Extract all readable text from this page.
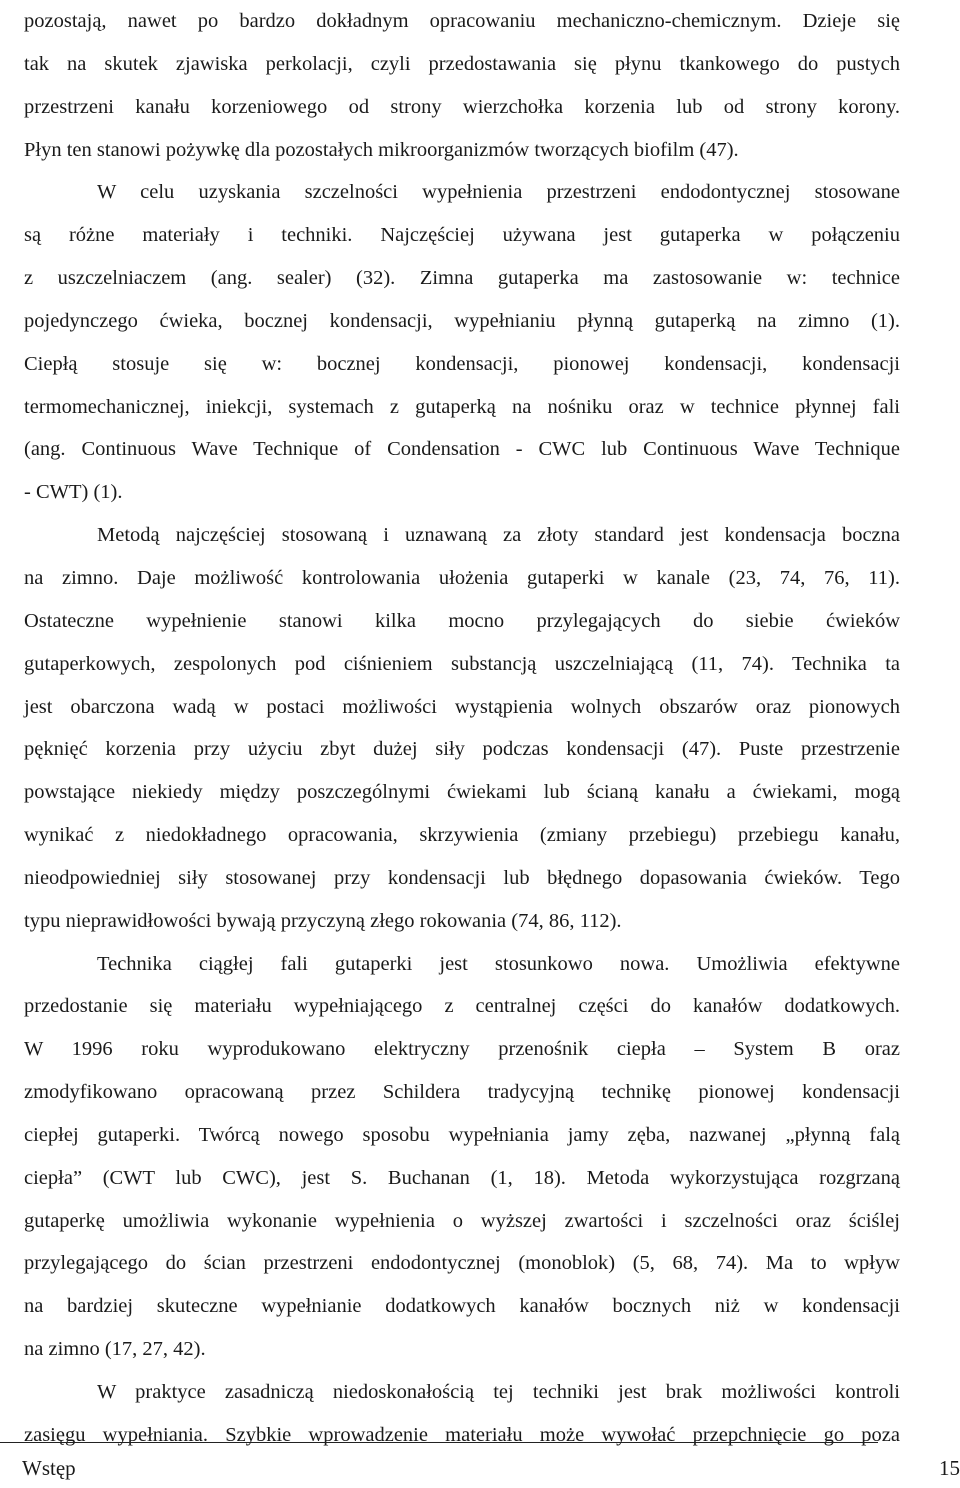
pozostają, nawet po bardzo dokładnym opracowaniu mechaniczno-chemicznym. Dzieje się
tak na skutek zjawiska perkolacji, czyli przedostawania się płynu tkankowego do pustych
przestrzeni kanału korzeniowego od strony wierzchołka korzenia lub od strony korony.
Płyn ten stanowi pożywkę dla pozostałych mikroorganizmów tworzących biofilm (47).
W celu uzyskania szczelności wypełnienia przestrzeni endodontycznej stosowane
są różne materiały i techniki. Najczęściej używana jest gutaperka w połączeniu
z uszczelniaczem (ang. sealer) (32). Zimna gutaperka ma zastosowanie w: technice
pojedynczego ćwieka, bocznej kondensacji, wypełnianiu płynną gutaperką na zimno (1).
Ciepłą stosuje się w: bocznej kondensacji, pionowej kondensacji, kondensacji
termomechanicznej, iniekcji, systemach z gutaperką na nośniku oraz w technice płynnej fali
(ang. Continuous Wave Technique of Condensation - CWC lub Continuous Wave Technique
- CWT) (1).
Metodą najczęściej stosowaną i uznawaną za złoty standard jest kondensacja boczna
na zimno. Daje możliwość kontrolowania ułożenia gutaperki w kanale (23, 74, 76, 11).
Ostateczne wypełnienie stanowi kilka mocno przylegających do siebie ćwieków
gutaperkowych, zespolonych pod ciśnieniem substancją uszczelniającą (11, 74). Technika ta
jest obarczona wadą w postaci możliwości wystąpienia wolnych obszarów oraz pionowych
pęknięć korzenia przy użyciu zbyt dużej siły podczas kondensacji (47). Puste przestrzenie
powstające niekiedy między poszczególnymi ćwiekami lub ścianą kanału a ćwiekami, mogą
wynikać z niedokładnego opracowania, skrzywienia (zmiany przebiegu) przebiegu kanału,
nieodpowiedniej siły stosowanej przy kondensacji lub błędnego dopasowania ćwieków. Tego
typu nieprawidłowości bywają przyczyną złego rokowania (74, 86, 112).
Technika ciągłej fali gutaperki jest stosunkowo nowa. Umożliwia efektywne
przedostanie się materiału wypełniającego z centralnej części do kanałów dodatkowych.
W 1996 roku wyprodukowano elektryczny przenośnik ciepła – System B oraz
zmodyfikowano opracowaną przez Schildera tradycyjną technikę pionowej kondensacji
ciepłej gutaperki. Twórcą nowego sposobu wypełniania jamy zęba, nazwanej „płynną falą
ciepła” (CWT lub CWC), jest S. Buchanan (1, 18). Metoda wykorzystująca rozgrzaną
gutaperkę umożliwia wykonanie wypełnienia o wyższej zwartości i szczelności oraz ściślej
przylegającego do ścian przestrzeni endodontycznej (monoblok) (5, 68, 74). Ma to wpływ
na bardziej skuteczne wypełnianie dodatkowych kanałów bocznych niż w kondensacji
na zimno (17, 27, 42).
W praktyce zasadniczą niedoskonałością tej techniki jest brak możliwości kontroli
zasięgu wypełniania. Szybkie wprowadzenie materiału może wywołać przepchnięcie go poza
Wstęp	15
